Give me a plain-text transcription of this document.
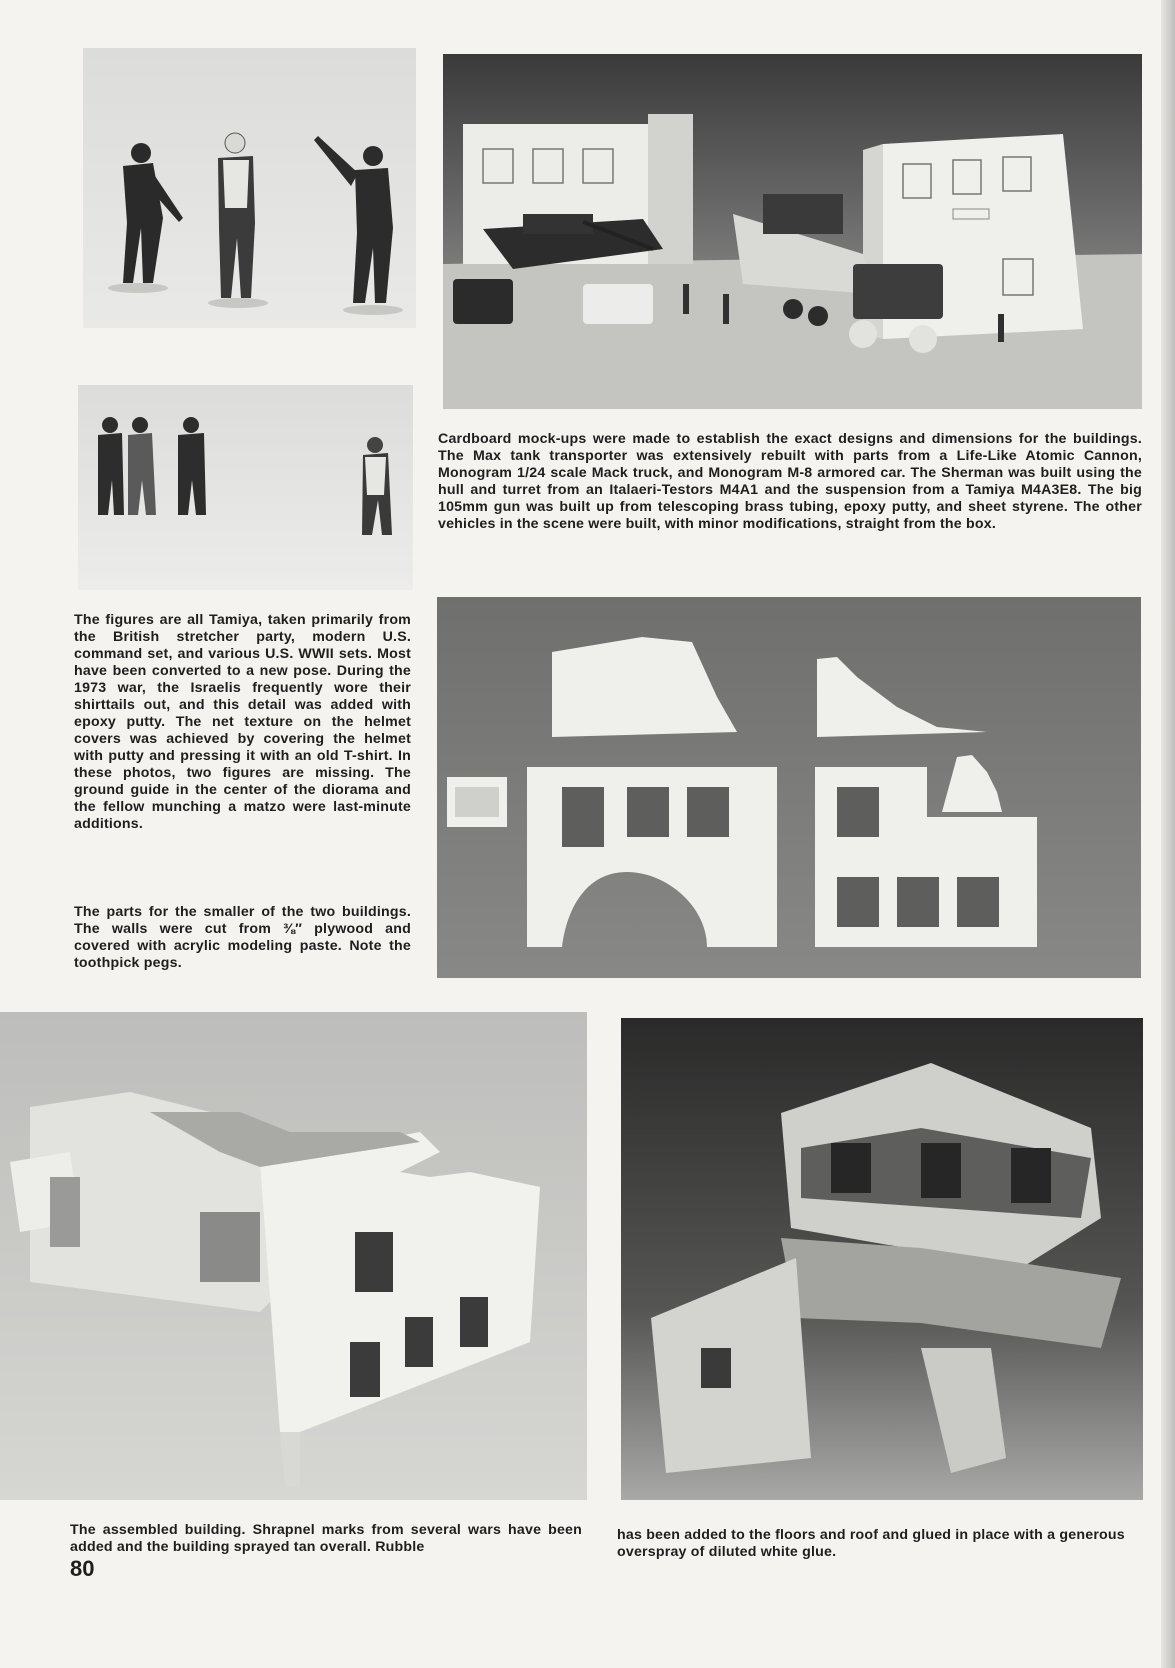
Cardboard mock-ups were made to establish the exact designs and dimensions for the buildings. The Max tank transporter was extensively rebuilt with parts from a Life-Like Atomic Cannon, Monogram 1/24 scale Mack truck, and Monogram M-8 armored car. The Sherman was built using the hull and turret from an Italaeri-Testors M4A1 and the suspension from a Tamiya M4A3E8. The big 105mm gun was built up from telescoping brass tubing, epoxy putty, and sheet styrene. The other vehicles in the scene were built, with minor modifications, straight from the box.

The figures are all Tamiya, taken primarily from the British stretcher party, modern U.S. command set, and various U.S. WWII sets. Most have been converted to a new pose. During the 1973 war, the Israelis frequently wore their shirttails out, and this detail was added with epoxy putty. The net texture on the helmet covers was achieved by covering the helmet with putty and pressing it with an old T-shirt. In these photos, two figures are missing. The ground guide in the center of the diorama and the fellow munching a matzo were last-minute additions.

The parts for the smaller of the two buildings. The walls were cut from ⅜″ plywood and covered with acrylic modeling paste. Note the toothpick pegs.

The assembled building. Shrapnel marks from several wars have been added and the building sprayed tan overall. Rubble

has been added to the floors and roof and glued in place with a generous overspray of diluted white glue.

80
